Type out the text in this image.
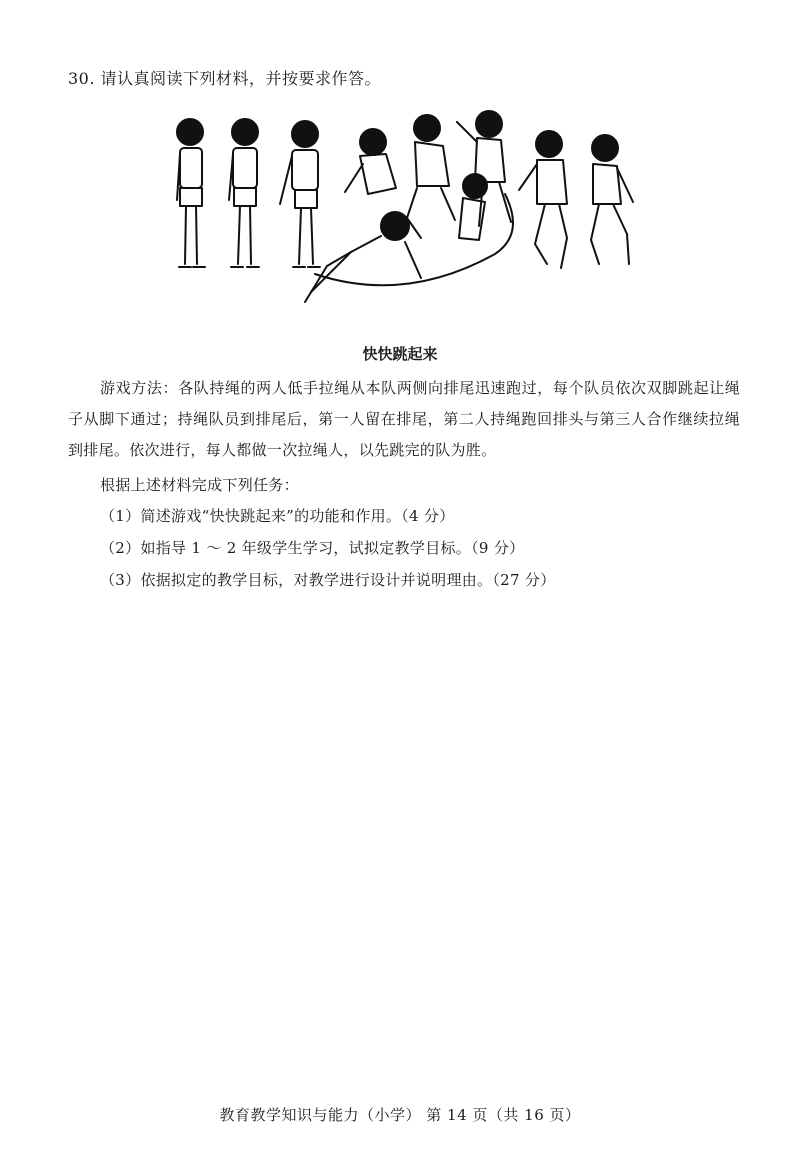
30. 请认真阅读下列材料，并按要求作答。
快快跳起来
游戏方法：各队持绳的两人低手拉绳从本队两侧向排尾迅速跑过，每个队员依次双脚跳起让绳子从脚下通过；持绳队员到排尾后，第一人留在排尾，第二人持绳跑回排头与第三人合作继续拉绳到排尾。依次进行，每人都做一次拉绳人，以先跳完的队为胜。
根据上述材料完成下列任务：
（1）简述游戏“快快跳起来”的功能和作用。（4 分）
（2）如指导 1 ～ 2 年级学生学习，试拟定教学目标。（9 分）
（3）依据拟定的教学目标，对教学进行设计并说明理由。（27 分）
教育教学知识与能力（小学） 第 14 页（共 16 页）
